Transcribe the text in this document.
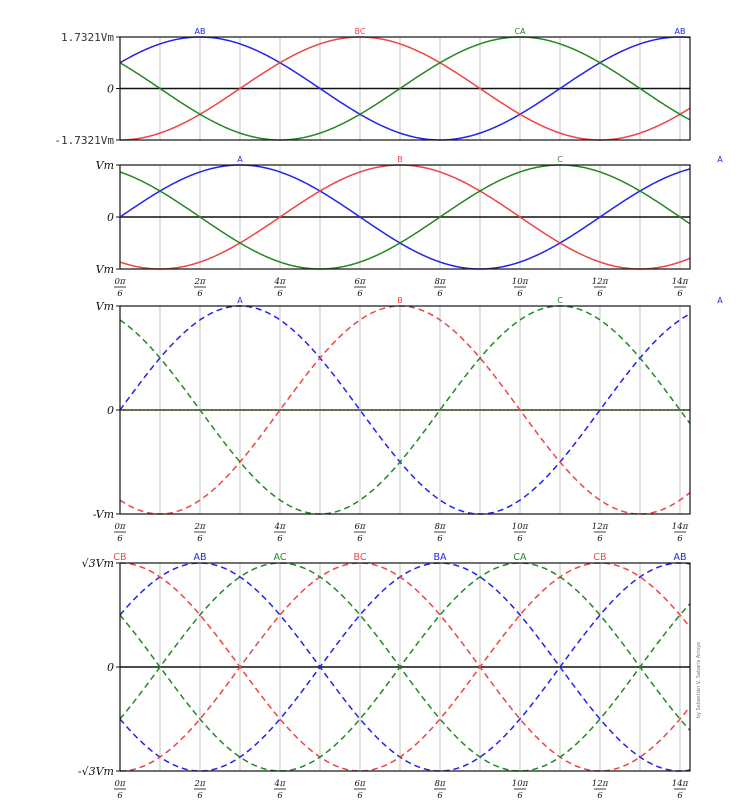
1.7321Vm
0
-1.7321Vm
AB	BC	CA	AB
Vm
0
Vm
A	B	C	A
0π
6
2π
6
4π
6
6π
6
8π
6
10π
6
12π
6
14π
6
Vm
0
-Vm
A	B	C	A
0π
6
2π
6
4π
6
6π
6
8π
6
10π
6
12π
6
14π
6
√3Vm
0
-√3Vm
CB	AB	AC	BC	BA	CA	CB	AB
0π
6
2π
6
4π
6
6π
6
8π
6
10π
6
12π
6
14π
6
by Sebastián V. Sabaris Arroyo
